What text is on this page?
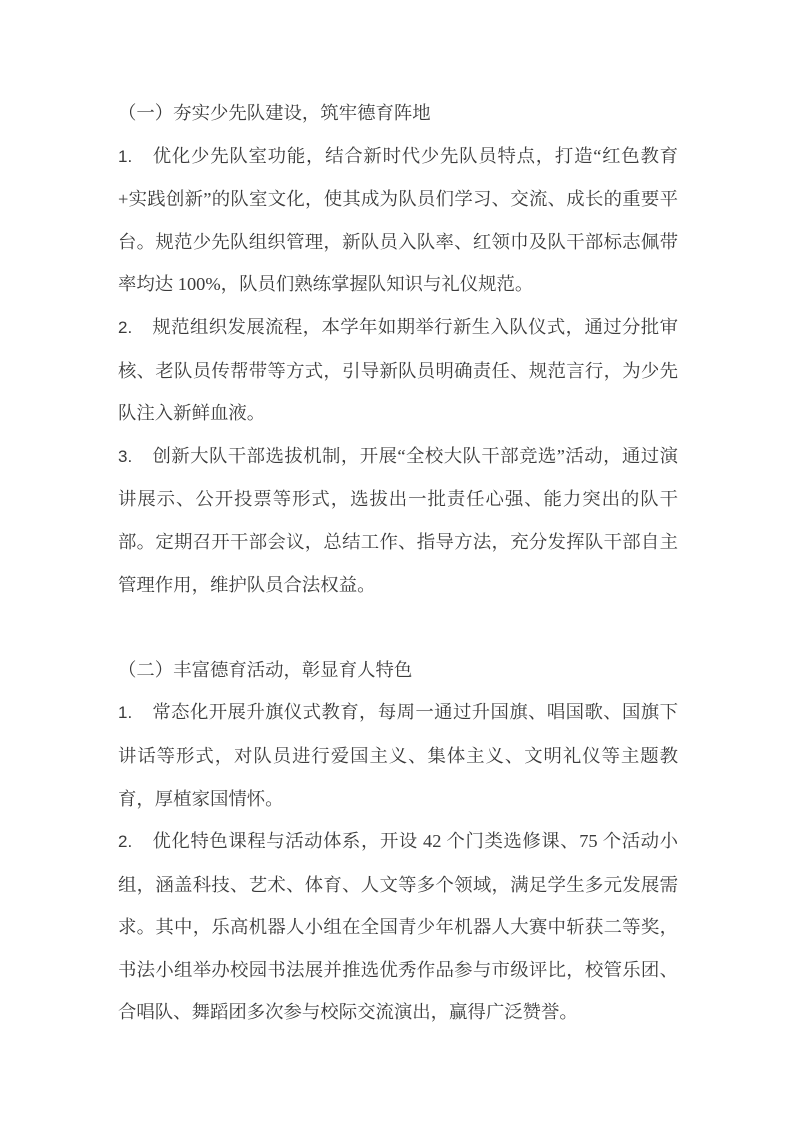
（一）夯实少先队建设，筑牢德育阵地

1. 优化少先队室功能，结合新时代少先队员特点，打造“红色教育+实践创新”的队室文化，使其成为队员们学习、交流、成长的重要平台。规范少先队组织管理，新队员入队率、红领巾及队干部标志佩带率均达 100%，队员们熟练掌握队知识与礼仪规范。

2. 规范组织发展流程，本学年如期举行新生入队仪式，通过分批审核、老队员传帮带等方式，引导新队员明确责任、规范言行，为少先队注入新鲜血液。

3. 创新大队干部选拔机制，开展“全校大队干部竞选”活动，通过演讲展示、公开投票等形式，选拔出一批责任心强、能力突出的队干部。定期召开干部会议，总结工作、指导方法，充分发挥队干部自主管理作用，维护队员合法权益。

（二）丰富德育活动，彰显育人特色

1. 常态化开展升旗仪式教育，每周一通过升国旗、唱国歌、国旗下讲话等形式，对队员进行爱国主义、集体主义、文明礼仪等主题教育，厚植家国情怀。

2. 优化特色课程与活动体系，开设 42 个门类选修课、75 个活动小组，涵盖科技、艺术、体育、人文等多个领域，满足学生多元发展需求。其中，乐高机器人小组在全国青少年机器人大赛中斩获二等奖，书法小组举办校园书法展并推选优秀作品参与市级评比，校管乐团、合唱队、舞蹈团多次参与校际交流演出，赢得广泛赞誉。
